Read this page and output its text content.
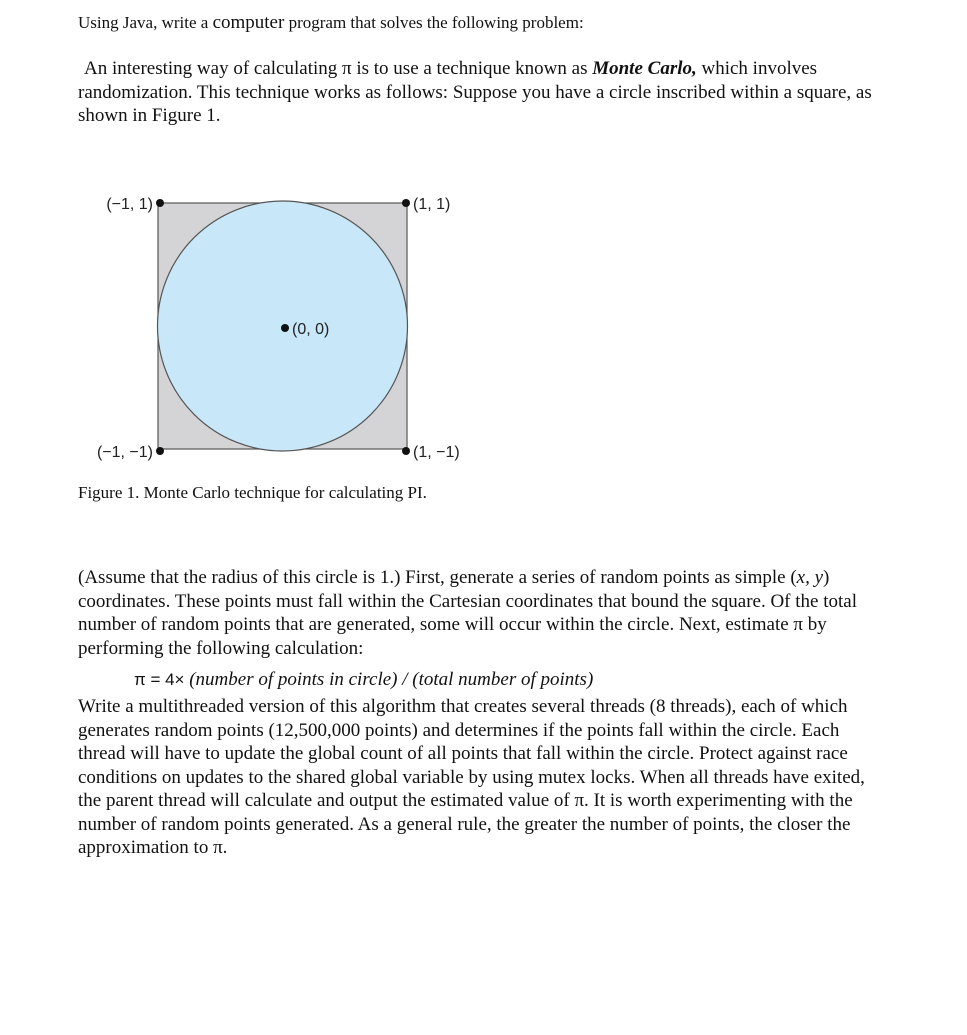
Using Java, write a computer program that solves the following problem:
An interesting way of calculating π is to use a technique known as Monte Carlo, which involves randomization. This technique works as follows: Suppose you have a circle inscribed within a square, as shown in Figure 1.
(−1, 1)	(1, 1)
(0, 0)
(−1, −1)	(1, −1)
Figure 1. Monte Carlo technique for calculating PI.
(Assume that the radius of this circle is 1.) First, generate a series of random points as simple (x, y) coordinates. These points must fall within the Cartesian coordinates that bound the square. Of the total number of random points that are generated, some will occur within the circle. Next, estimate π by performing the following calculation:
π = 4× (number of points in circle) / (total number of points)
Write a multithreaded version of this algorithm that creates several threads (8 threads), each of which generates random points (12,500,000 points) and determines if the points fall within the circle. Each thread will have to update the global count of all points that fall within the circle. Protect against race conditions on updates to the shared global variable by using mutex locks. When all threads have exited, the parent thread will calculate and output the estimated value of π. It is worth experimenting with the number of random points generated. As a general rule, the greater the number of points, the closer the approximation to π.
